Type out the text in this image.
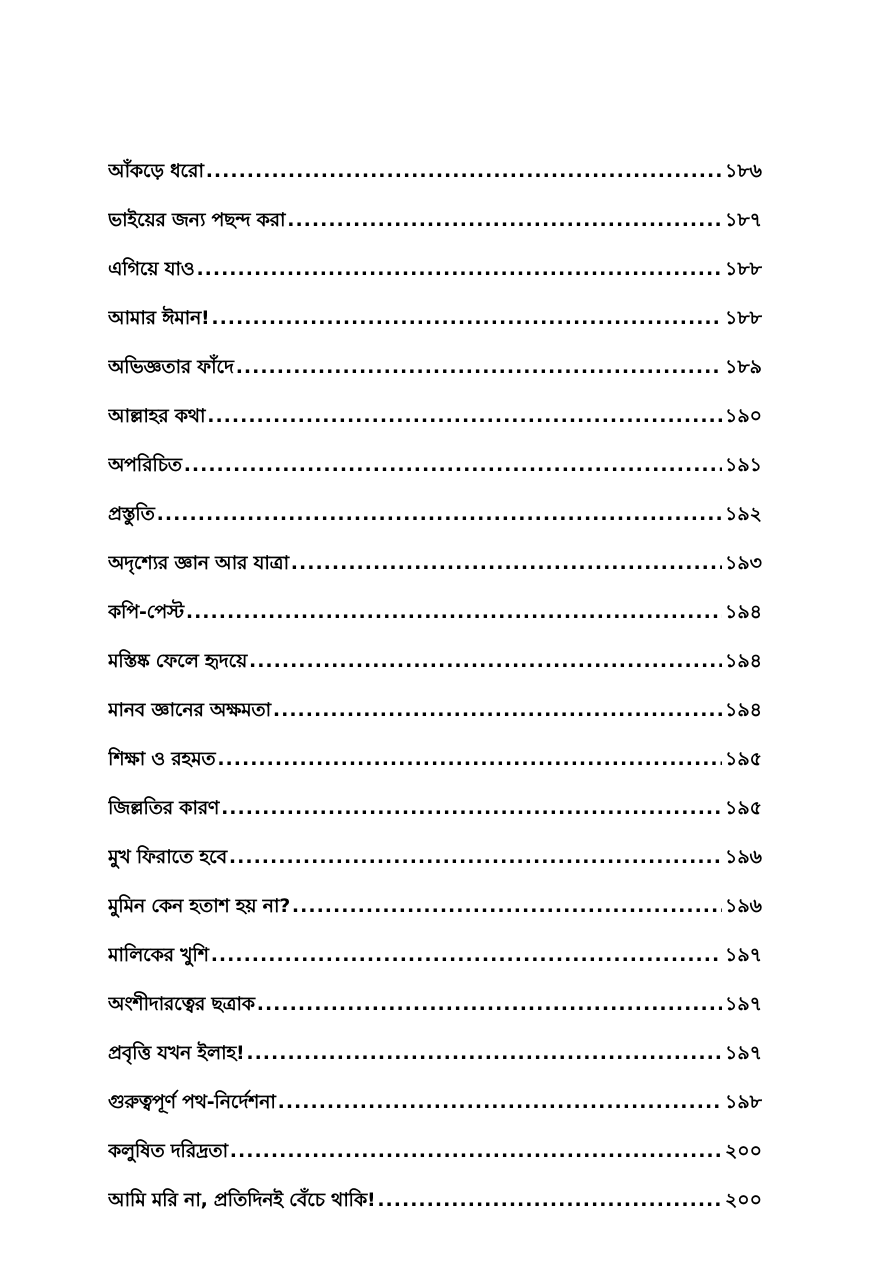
আঁকড়ে ধরো .....	১৮৬
ভাইয়ের জন্য পছন্দ করা .....	১৮৭
এগিয়ে যাও .....	১৮৮
আমার ঈমান! .....	১৮৮
অভিজ্ঞতার ফাঁদে .....	১৮৯
আল্লাহর কথা .....	১৯০
অপরিচিত .....	১৯১
প্রস্তুতি .....	১৯২
অদৃশ্যের জ্ঞান আর যাত্রা .....	১৯৩
কপি-পেস্ট .....	১৯৪
মস্তিষ্ক ফেলে হৃদয়ে .....	১৯৪
মানব জ্ঞানের অক্ষমতা .....	১৯৪
শিক্ষা ও রহমত .....	১৯৫
জিল্লতির কারণ .....	১৯৫
মুখ ফিরাতে হবে .....	১৯৬
মুমিন কেন হতাশ হয় না? .....	১৯৬
মালিকের খুশি .....	১৯৭
অংশীদারত্বের ছত্রাক .....	১৯৭
প্রবৃত্তি যখন ইলাহ! .....	১৯৭
গুরুত্বপূর্ণ পথ-নির্দেশনা .....	১৯৮
কলুষিত দরিদ্রতা .....	২০০
আমি মরি না, প্রতিদিনই বেঁচে থাকি! .....	২০০
